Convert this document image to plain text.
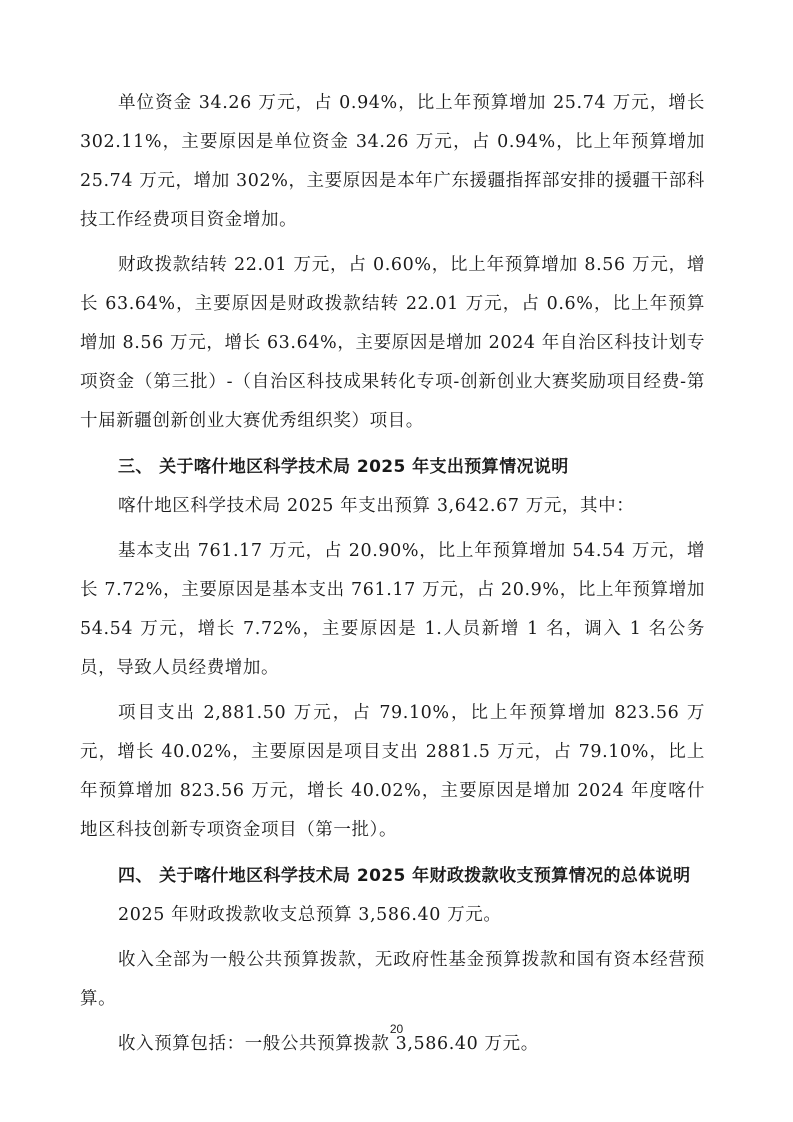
单位资金 34.26 万元，占 0.94%，比上年预算增加 25.74 万元，增长 302.11%，主要原因是单位资金 34.26 万元，占 0.94%，比上年预算增加 25.74 万元，增加 302%，主要原因是本年广东援疆指挥部安排的援疆干部科技工作经费项目资金增加。

财政拨款结转 22.01 万元，占 0.60%，比上年预算增加 8.56 万元，增长 63.64%，主要原因是财政拨款结转 22.01 万元，占 0.6%，比上年预算增加 8.56 万元，增长 63.64%，主要原因是增加 2024 年自治区科技计划专项资金（第三批）-（自治区科技成果转化专项-创新创业大赛奖励项目经费-第十届新疆创新创业大赛优秀组织奖）项目。

三、 关于喀什地区科学技术局 2025 年支出预算情况说明

喀什地区科学技术局 2025 年支出预算 3,642.67 万元，其中：

基本支出 761.17 万元，占 20.90%，比上年预算增加 54.54 万元，增长 7.72%，主要原因是基本支出 761.17 万元，占 20.9%，比上年预算增加 54.54 万元，增长 7.72%，主要原因是 1.人员新增 1 名，调入 1 名公务员，导致人员经费增加。

项目支出 2,881.50 万元，占 79.10%，比上年预算增加 823.56 万元，增长 40.02%，主要原因是项目支出 2881.5 万元，占 79.10%，比上年预算增加 823.56 万元，增长 40.02%，主要原因是增加 2024 年度喀什地区科技创新专项资金项目（第一批）。

四、 关于喀什地区科学技术局 2025 年财政拨款收支预算情况的总体说明

2025 年财政拨款收支总预算 3,586.40 万元。

收入全部为一般公共预算拨款，无政府性基金预算拨款和国有资本经营预算。

收入预算包括：一般公共预算拨款 3,586.40 万元。

20
